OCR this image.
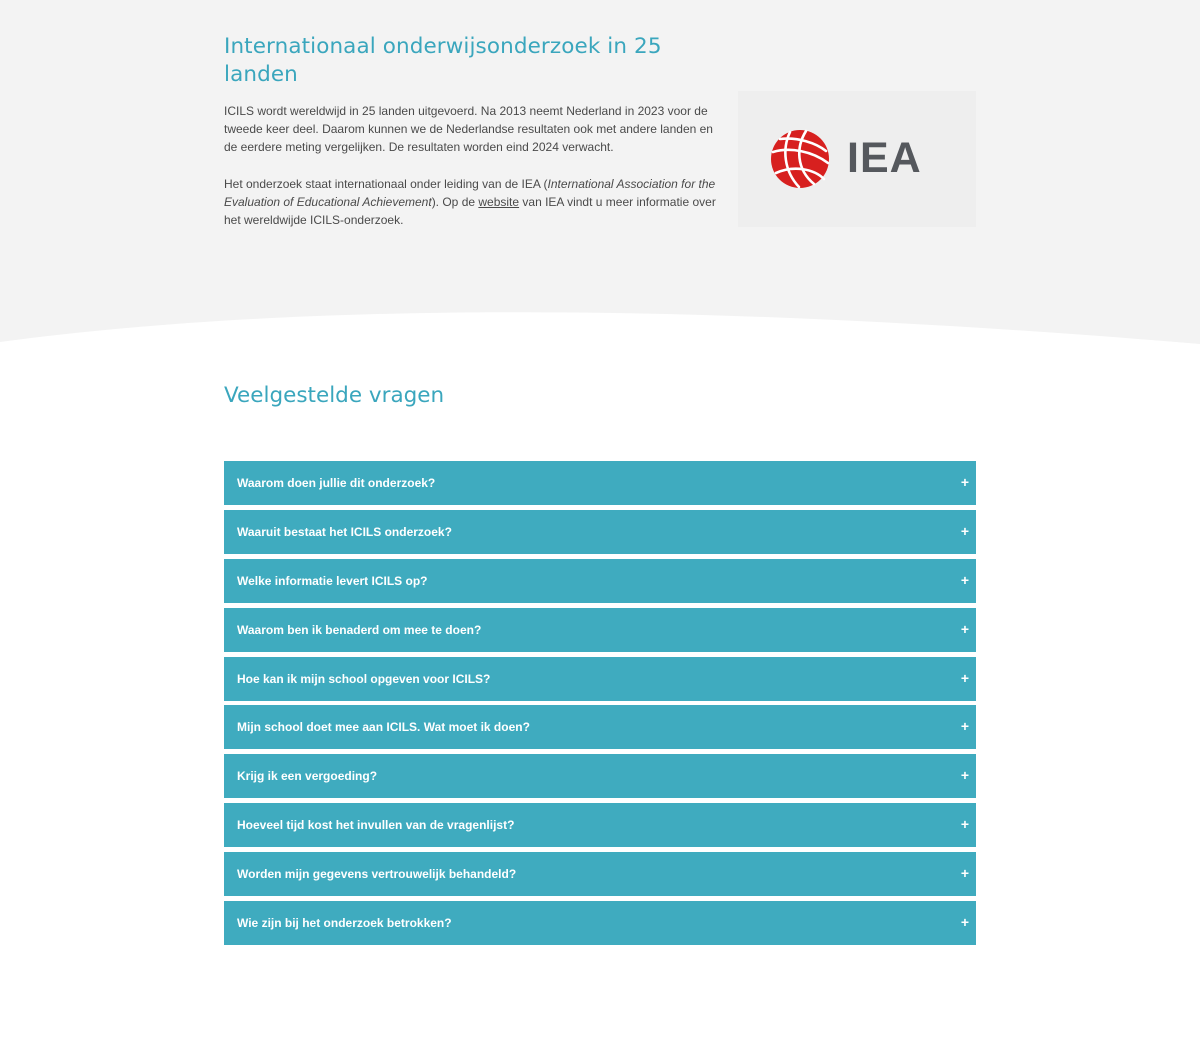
Internationaal onderwijsonderzoek in 25 landen

ICILS wordt wereldwijd in 25 landen uitgevoerd. Na 2013 neemt Nederland in 2023 voor de tweede keer deel. Daarom kunnen we de Nederlandse resultaten ook met andere landen en de eerdere meting vergelijken. De resultaten worden eind 2024 verwacht.

Het onderzoek staat internationaal onder leiding van de IEA (International Association for the Evaluation of Educational Achievement). Op de website van IEA vindt u meer informatie over het wereldwijde ICILS-onderzoek.

IEA
Veelgestelde vragen
Waarom doen jullie dit onderzoek?	+
Waaruit bestaat het ICILS onderzoek?	+
Welke informatie levert ICILS op?	+
Waarom ben ik benaderd om mee te doen?	+
Hoe kan ik mijn school opgeven voor ICILS?	+
Mijn school doet mee aan ICILS. Wat moet ik doen?	+
Krijg ik een vergoeding?	+
Hoeveel tijd kost het invullen van de vragenlijst?	+
Worden mijn gegevens vertrouwelijk behandeld?	+
Wie zijn bij het onderzoek betrokken?	+
